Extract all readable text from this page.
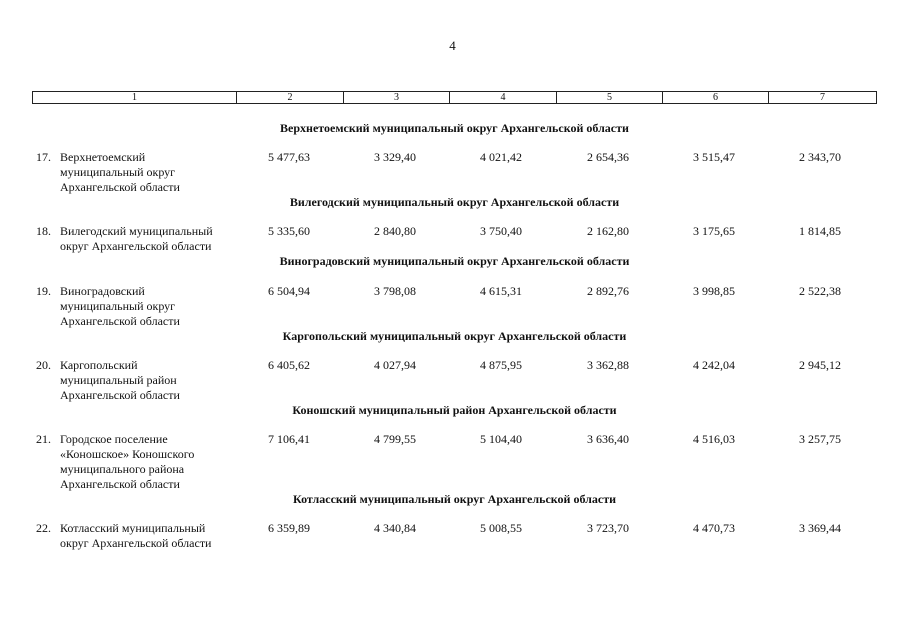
4
1	2	3	4	5	6	7
Верхнетоемский муниципальный округ Архангельской области
17. Верхнетоемский
муниципальный округ
Архангельской области
5 477,63	3 329,40	4 021,42	2 654,36	3 515,47	2 343,70
Вилегодский муниципальный округ Архангельской области
18. Вилегодский муниципальный
округ Архангельской области
5 335,60	2 840,80	3 750,40	2 162,80	3 175,65	1 814,85
Виноградовский муниципальный округ Архангельской области
19. Виноградовский
муниципальный округ
Архангельской области
6 504,94	3 798,08	4 615,31	2 892,76	3 998,85	2 522,38
Каргопольский муниципальный округ Архангельской области
20. Каргопольский
муниципальный район
Архангельской области
6 405,62	4 027,94	4 875,95	3 362,88	4 242,04	2 945,12
Коношский муниципальный район Архангельской области
21. Городское поселение
«Коношское» Коношского
муниципального района
Архангельской области
7 106,41	4 799,55	5 104,40	3 636,40	4 516,03	3 257,75
Котласский муниципальный округ Архангельской области
22. Котласский муниципальный
округ Архангельской области
6 359,89	4 340,84	5 008,55	3 723,70	4 470,73	3 369,44
